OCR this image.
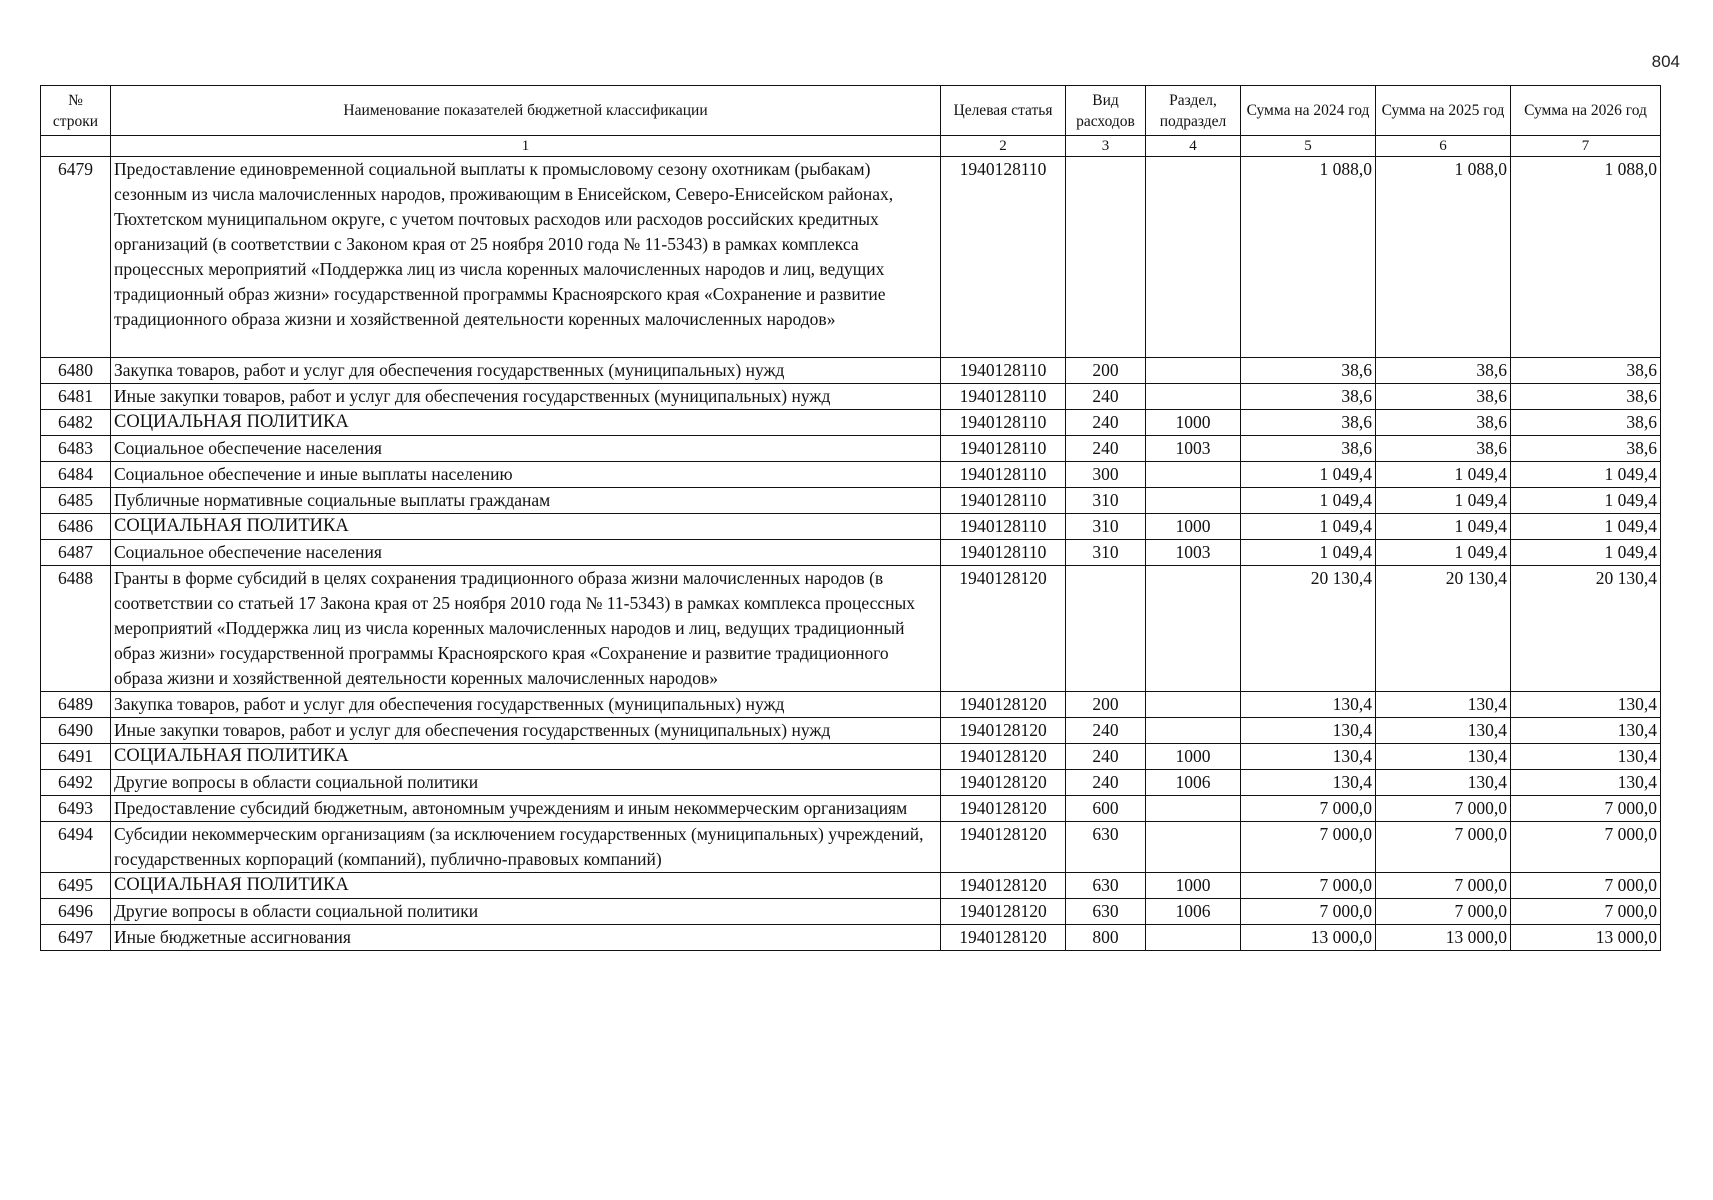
804
№ строки	Наименование показателей бюджетной классификации	Целевая статья	Вид расходов	Раздел, подраздел	Сумма на 2024 год	Сумма на 2025 год	Сумма на 2026 год
	1	2	3	4	5	6	7
6479	Предоставление единовременной социальной выплаты к промысловому сезону охотникам (рыбакам) сезонным из числа малочисленных народов, проживающим в Енисейском, Северо-Енисейском районах, Тюхтетском муниципальном округе, с учетом почтовых расходов или расходов российских кредитных организаций (в соответствии с Законом края от 25 ноября 2010 года № 11-5343) в рамках комплекса процессных мероприятий «Поддержка лиц из числа коренных малочисленных народов и лиц, ведущих традиционный образ жизни» государственной программы Красноярского края «Сохранение и развитие традиционного образа жизни и хозяйственной деятельности коренных малочисленных народов»	1940128110			1 088,0	1 088,0	1 088,0
6480	Закупка товаров, работ и услуг для обеспечения государственных (муниципальных) нужд	1940128110	200		38,6	38,6	38,6
6481	Иные закупки товаров, работ и услуг для обеспечения государственных (муниципальных) нужд	1940128110	240		38,6	38,6	38,6
6482	СОЦИАЛЬНАЯ ПОЛИТИКА	1940128110	240	1000	38,6	38,6	38,6
6483	Социальное обеспечение населения	1940128110	240	1003	38,6	38,6	38,6
6484	Социальное обеспечение и иные выплаты населению	1940128110	300		1 049,4	1 049,4	1 049,4
6485	Публичные нормативные социальные выплаты гражданам	1940128110	310		1 049,4	1 049,4	1 049,4
6486	СОЦИАЛЬНАЯ ПОЛИТИКА	1940128110	310	1000	1 049,4	1 049,4	1 049,4
6487	Социальное обеспечение населения	1940128110	310	1003	1 049,4	1 049,4	1 049,4
6488	Гранты в форме субсидий в целях сохранения традиционного образа жизни малочисленных народов (в соответствии со статьей 17 Закона края от 25 ноября 2010 года № 11-5343) в рамках комплекса процессных мероприятий «Поддержка лиц из числа коренных малочисленных народов и лиц, ведущих традиционный образ жизни» государственной программы Красноярского края «Сохранение и развитие традиционного образа жизни и хозяйственной деятельности коренных малочисленных народов»	1940128120			20 130,4	20 130,4	20 130,4
6489	Закупка товаров, работ и услуг для обеспечения государственных (муниципальных) нужд	1940128120	200		130,4	130,4	130,4
6490	Иные закупки товаров, работ и услуг для обеспечения государственных (муниципальных) нужд	1940128120	240		130,4	130,4	130,4
6491	СОЦИАЛЬНАЯ ПОЛИТИКА	1940128120	240	1000	130,4	130,4	130,4
6492	Другие вопросы в области социальной политики	1940128120	240	1006	130,4	130,4	130,4
6493	Предоставление субсидий бюджетным, автономным учреждениям и иным некоммерческим организациям	1940128120	600		7 000,0	7 000,0	7 000,0
6494	Субсидии некоммерческим организациям (за исключением государственных (муниципальных) учреждений, государственных корпораций (компаний), публично-правовых компаний)	1940128120	630		7 000,0	7 000,0	7 000,0
6495	СОЦИАЛЬНАЯ ПОЛИТИКА	1940128120	630	1000	7 000,0	7 000,0	7 000,0
6496	Другие вопросы в области социальной политики	1940128120	630	1006	7 000,0	7 000,0	7 000,0
6497	Иные бюджетные ассигнования	1940128120	800		13 000,0	13 000,0	13 000,0
